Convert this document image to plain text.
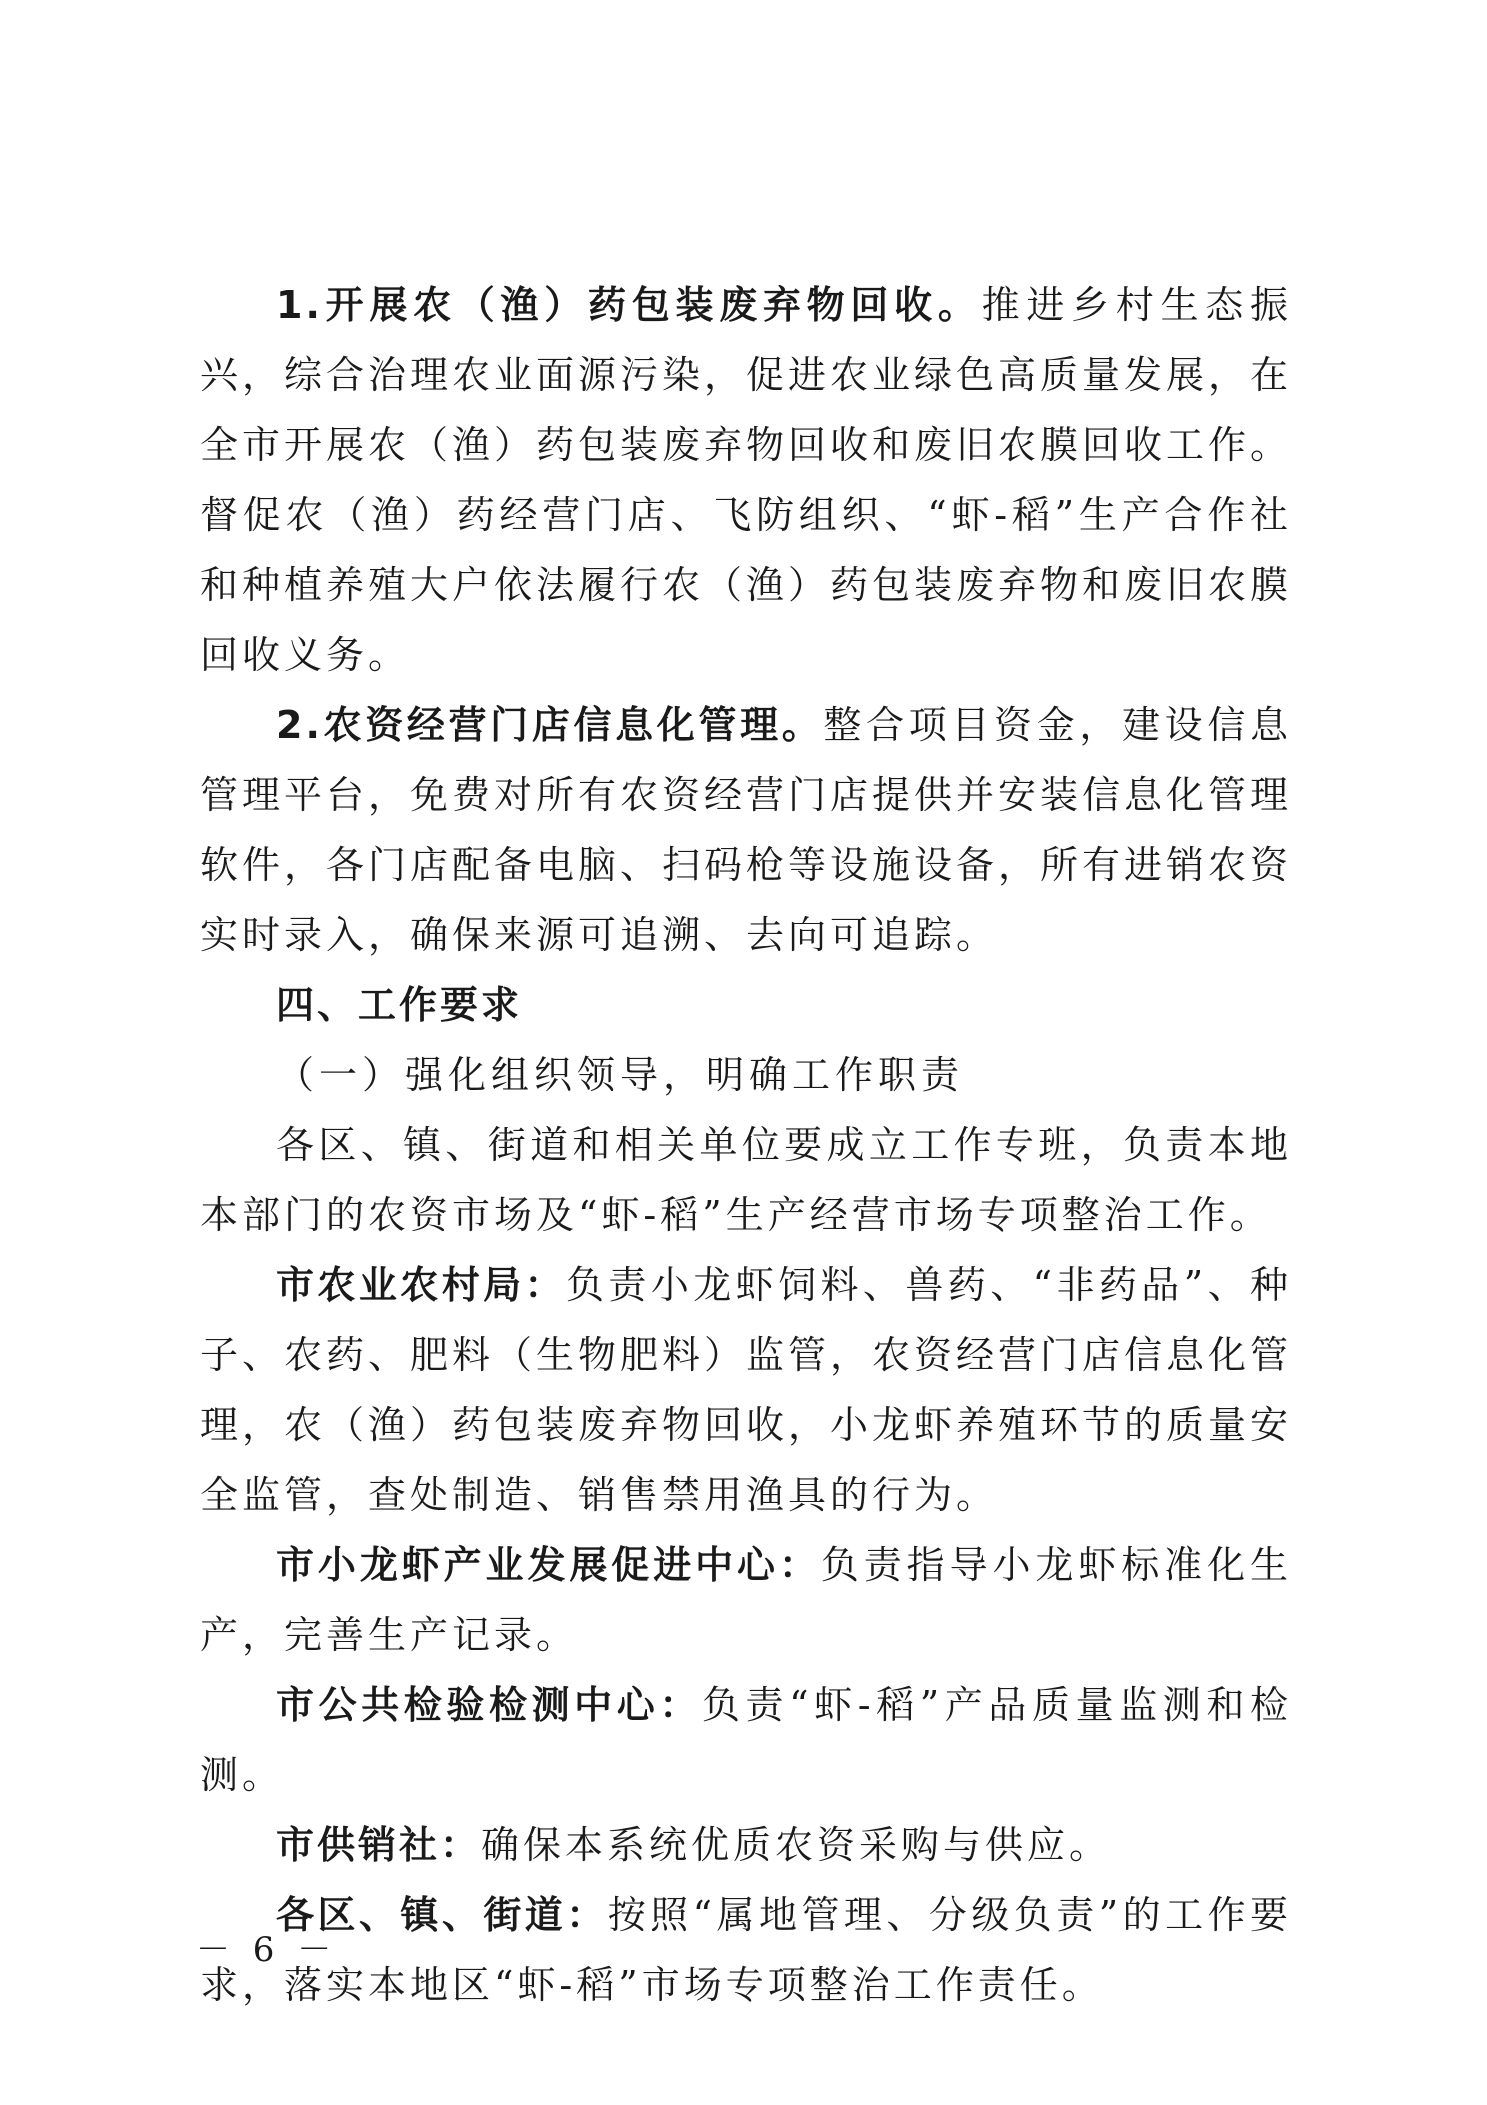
1.开展农（渔）药包装废弃物回收。推进乡村生态振兴，综合治理农业面源污染，促进农业绿色高质量发展，在全市开展农（渔）药包装废弃物回收和废旧农膜回收工作。督促农（渔）药经营门店、飞防组织、“虾-稻”生产合作社和种植养殖大户依法履行农（渔）药包装废弃物和废旧农膜回收义务。

2.农资经营门店信息化管理。整合项目资金，建设信息管理平台，免费对所有农资经营门店提供并安装信息化管理软件，各门店配备电脑、扫码枪等设施设备，所有进销农资实时录入，确保来源可追溯、去向可追踪。

四、工作要求

（一）强化组织领导，明确工作职责

各区、镇、街道和相关单位要成立工作专班，负责本地本部门的农资市场及“虾-稻”生产经营市场专项整治工作。

市农业农村局：负责小龙虾饲料、兽药、“非药品”、种子、农药、肥料（生物肥料）监管，农资经营门店信息化管理，农（渔）药包装废弃物回收，小龙虾养殖环节的质量安全监管，查处制造、销售禁用渔具的行为。

市小龙虾产业发展促进中心：负责指导小龙虾标准化生产，完善生产记录。

市公共检验检测中心：负责“虾-稻”产品质量监测和检测。

市供销社：确保本系统优质农资采购与供应。

各区、镇、街道：按照“属地管理、分级负责”的工作要求，落实本地区“虾-稻”市场专项整治工作责任。

－ 6 －
